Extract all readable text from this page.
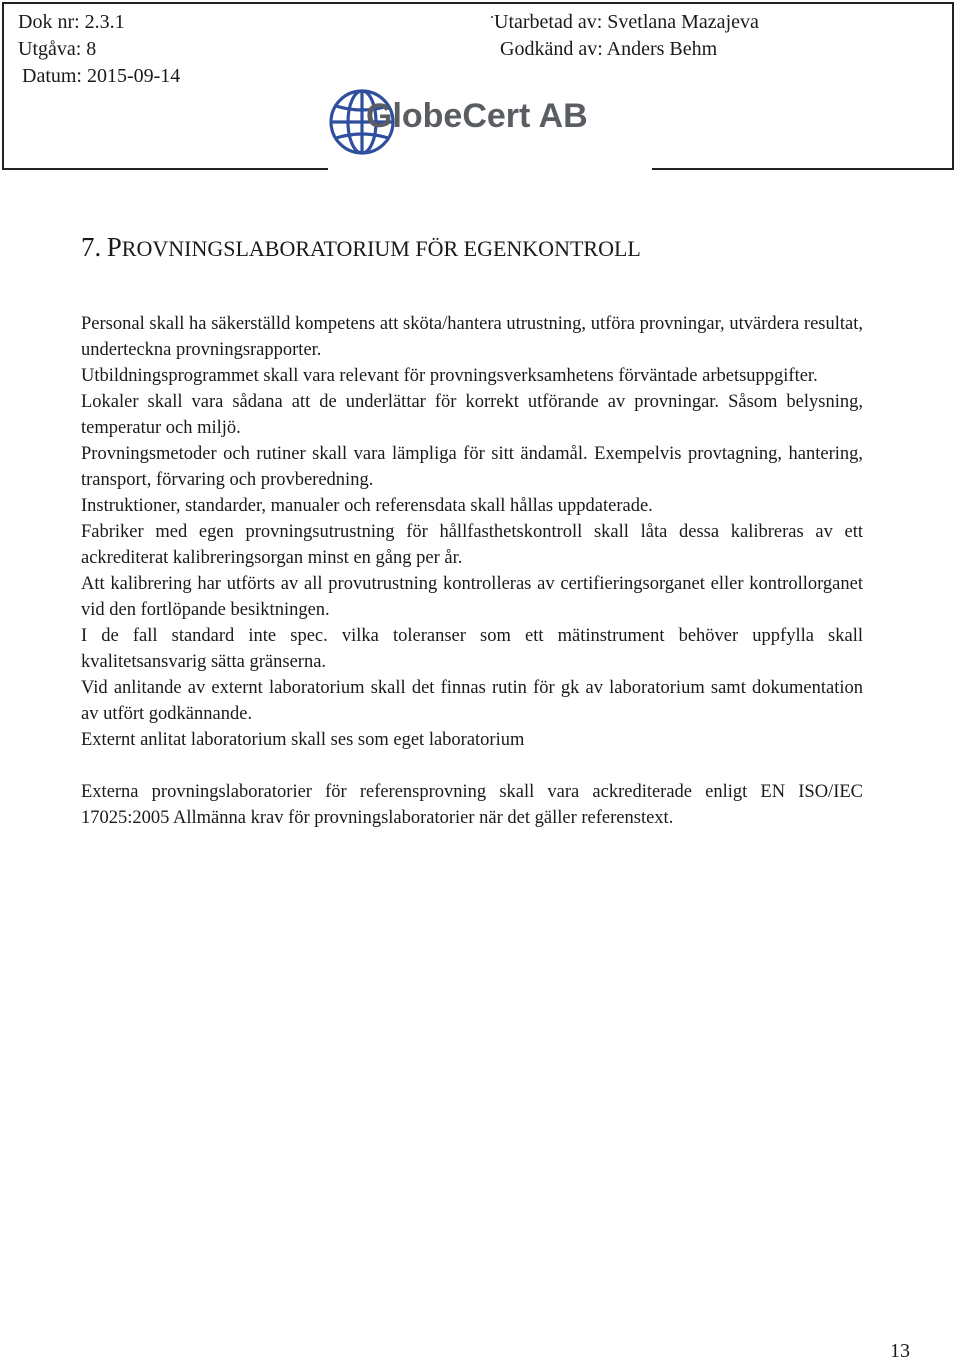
Dok nr: 2.3.1
Utgåva: 8
Datum: 2015-09-14
Utarbetad av: Svetlana Mazajeva
Godkänd av: Anders Behm
.
GlobeCert AB
7. PROVNINGSLABORATORIUM FÖR EGENKONTROLL

Personal skall ha säkerställd kompetens att sköta/hantera utrustning, utföra provningar, utvärdera resultat, underteckna provningsrapporter.

Utbildningsprogrammet skall vara relevant för provningsverksamhetens förväntade arbetsuppgifter.

Lokaler skall vara sådana att de underlättar för korrekt utförande av provningar. Såsom belysning, temperatur och miljö.

Provningsmetoder och rutiner skall vara lämpliga för sitt ändamål. Exempelvis provtagning, hantering, transport, förvaring och provberedning.

Instruktioner, standarder, manualer och referensdata skall hållas uppdaterade.

Fabriker med egen provningsutrustning för hållfasthetskontroll skall låta dessa kalibreras av ett ackrediterat kalibreringsorgan minst en gång per år.

Att kalibrering har utförts av all provutrustning kontrolleras av certifieringsorganet eller kontrollorganet vid den fortlöpande besiktningen.

I de fall standard inte spec. vilka toleranser som ett mätinstrument behöver uppfylla skall kvalitetsansvarig sätta gränserna.

Vid anlitande av externt laboratorium skall det finnas rutin för gk av laboratorium samt dokumentation av utfört godkännande.

Externt anlitat laboratorium skall ses som eget laboratorium

Externa provningslaboratorier för referensprovning skall vara ackrediterade enligt EN ISO/IEC 17025:2005 Allmänna krav för provningslaboratorier när det gäller referenstext.

13
